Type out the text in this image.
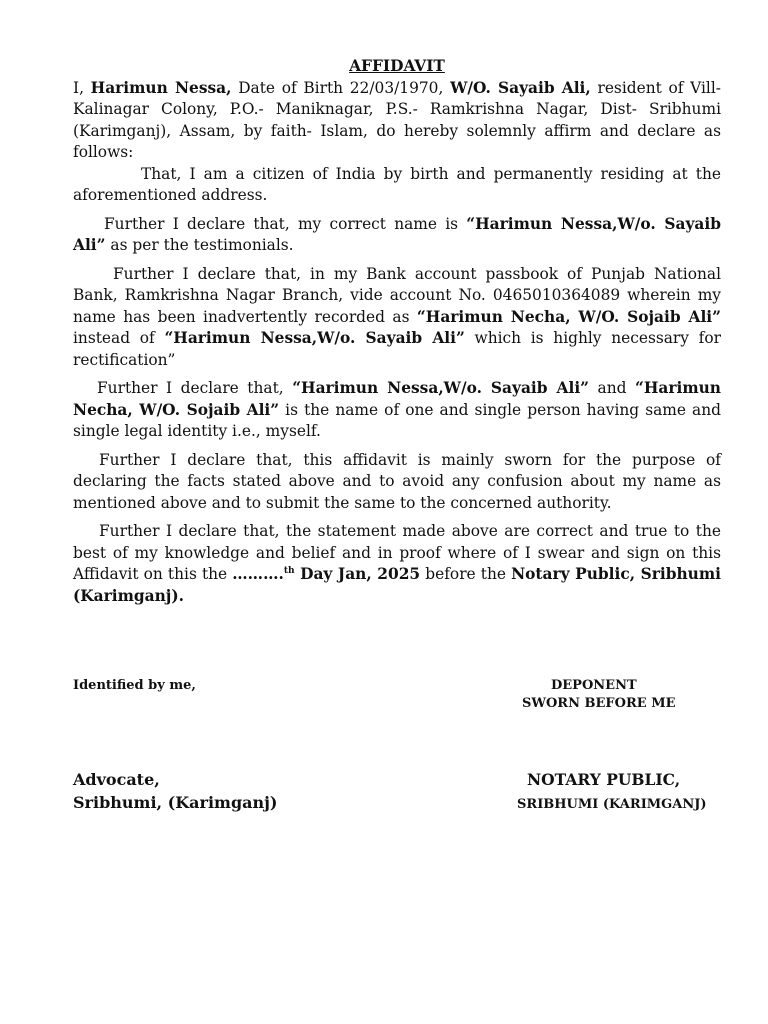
AFFIDAVIT

I, Harimun Nessa, Date of Birth 22/03/1970, W/O. Sayaib Ali, resident of Vill- Kalinagar Colony, P.O.- Maniknagar, P.S.- Ramkrishna Nagar, Dist- Sribhumi (Karimganj), Assam, by faith- Islam, do hereby solemnly affirm and declare as follows:

That, I am a citizen of India by birth and permanently residing at the aforementioned address.

Further I declare that, my correct name is “Harimun Nessa,W/o. Sayaib Ali” as per the testimonials.

Further I declare that, in my Bank account passbook of Punjab National Bank, Ramkrishna Nagar Branch, vide account No. 0465010364089 wherein my name has been inadvertently recorded as “Harimun Necha, W/O. Sojaib Ali” instead of “Harimun Nessa,W/o. Sayaib Ali” which is highly necessary for rectification”

Further I declare that, “Harimun Nessa,W/o. Sayaib Ali” and “Harimun Necha, W/O. Sojaib Ali” is the name of one and single person having same and single legal identity i.e., myself.

Further I declare that, this affidavit is mainly sworn for the purpose of declaring the facts stated above and to avoid any confusion about my name as mentioned above and to submit the same to the concerned authority.

Further I declare that, the statement made above are correct and true to the best of my knowledge and belief and in proof where of I swear and sign on this Affidavit on this the ……….$^{th}$ Day Jan, 2025 before the Notary Public, Sribhumi (Karimganj).

Identified by me,	DEPONENT
SWORN BEFORE ME
Advocate,
Sribhumi, (Karimganj)
NOTARY PUBLIC,
SRIBHUMI (KARIMGANJ)
